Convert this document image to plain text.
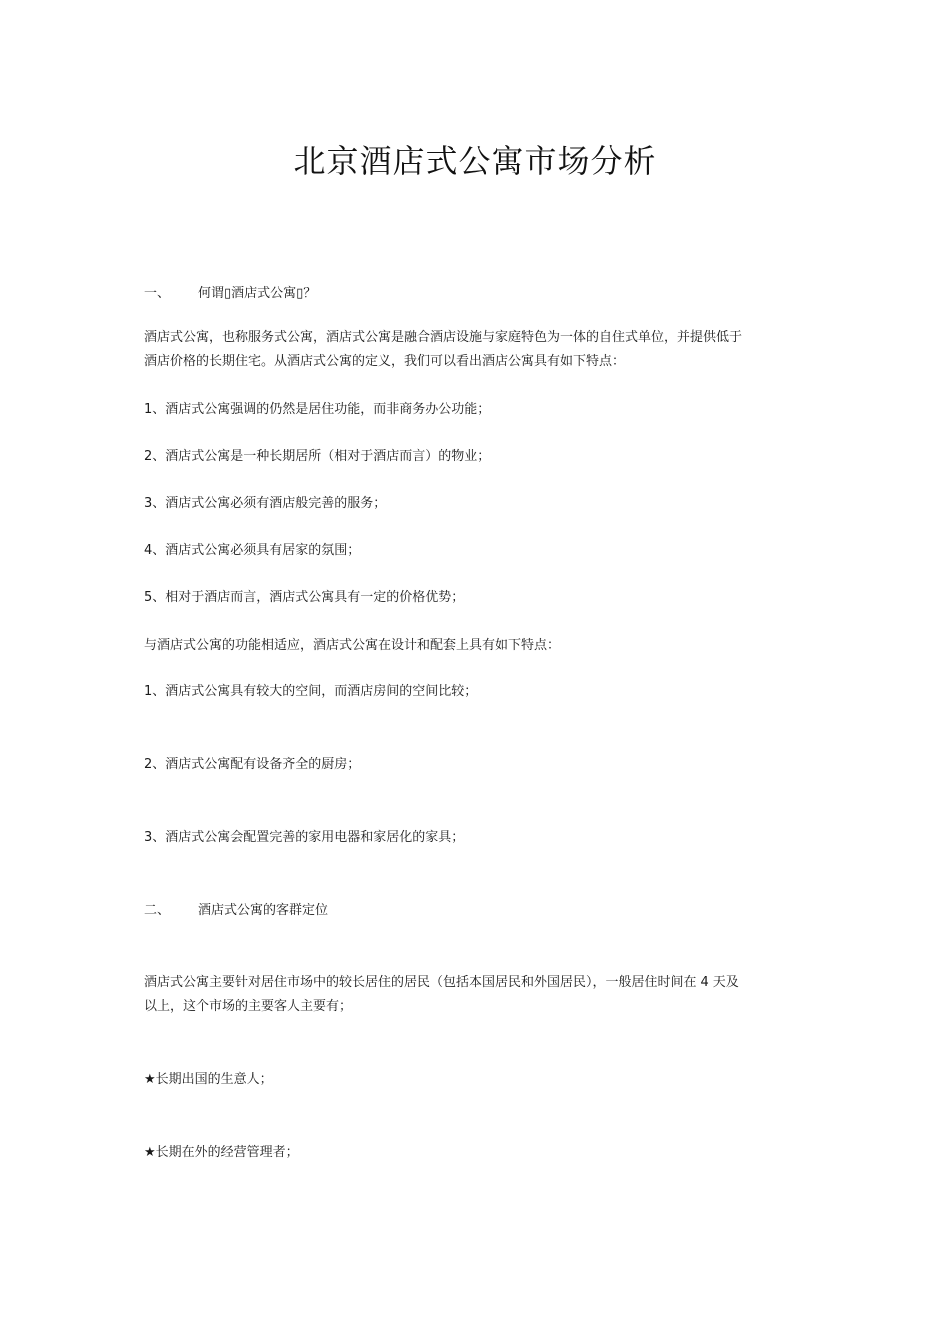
北京酒店式公寓市场分析
一、 何谓▯酒店式公寓▯？
酒店式公寓，也称服务式公寓，酒店式公寓是融合酒店设施与家庭特色为一体的自住式单位，并提供低于
酒店价格的长期住宅。从酒店式公寓的定义，我们可以看出酒店公寓具有如下特点：
1、酒店式公寓强调的仍然是居住功能，而非商务办公功能；
2、酒店式公寓是一种长期居所（相对于酒店而言）的物业；
3、酒店式公寓必须有酒店般完善的服务；
4、酒店式公寓必须具有居家的氛围；
5、相对于酒店而言，酒店式公寓具有一定的价格优势；
与酒店式公寓的功能相适应，酒店式公寓在设计和配套上具有如下特点：
1、酒店式公寓具有较大的空间，而酒店房间的空间比较；
2、酒店式公寓配有设备齐全的厨房；
3、酒店式公寓会配置完善的家用电器和家居化的家具；
二、 酒店式公寓的客群定位
酒店式公寓主要针对居住市场中的较长居住的居民（包括本国居民和外国居民），一般居住时间在 4 天及
以上，这个市场的主要客人主要有；
★长期出国的生意人；
★长期在外的经营管理者；
